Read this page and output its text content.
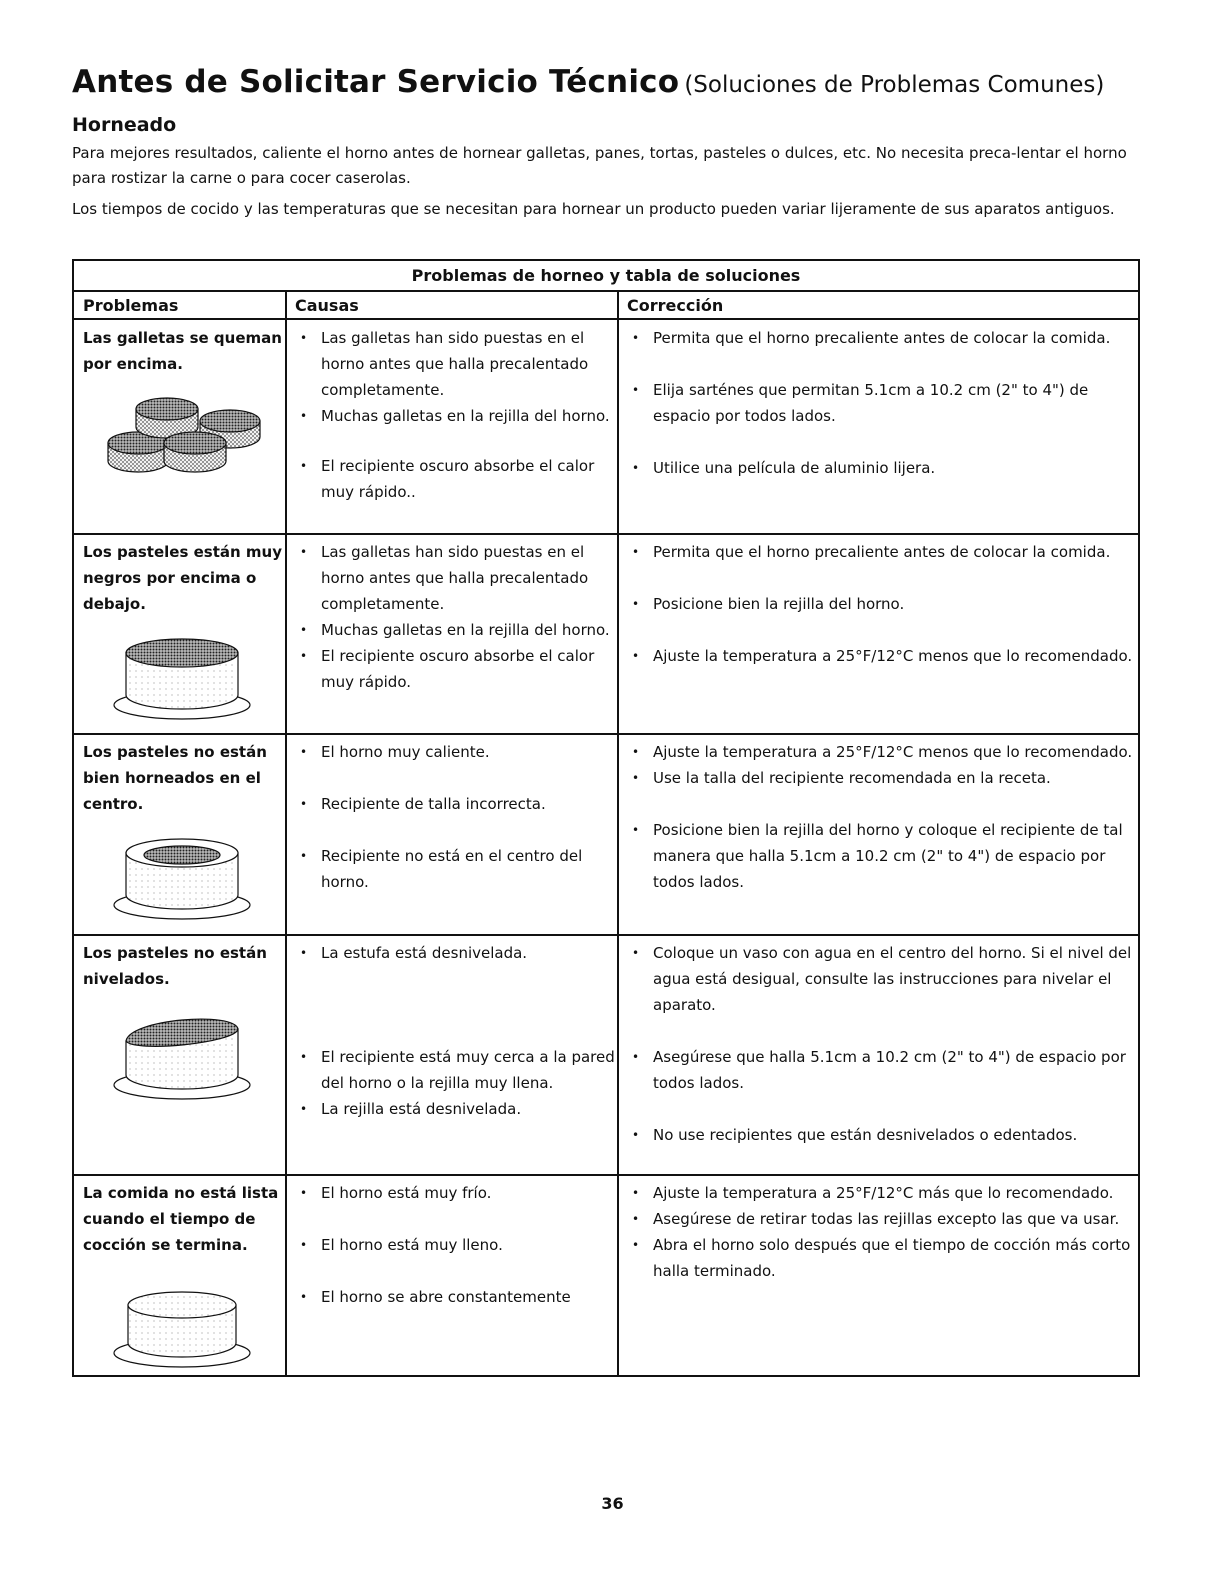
Antes de Solicitar Servicio Técnico (Soluciones de Problemas Comunes)
Horneado
Para mejores resultados, caliente el horno antes de hornear galletas, panes, tortas, pasteles o dulces, etc. No necesita preca-lentar el horno para rostizar la carne o para cocer caserolas.
Los tiempos de cocido y las temperaturas que se necesitan para hornear un producto pueden variar lijeramente de sus aparatos antiguos.
Problemas de horneo y tabla de soluciones
Problemas	Causas	Corrección
Las galletas se queman por encima.
• Las galletas han sido puestas en el horno antes que halla precalentado completamente.
• Muchas galletas en la rejilla del horno.
• El recipiente oscuro absorbe el calor muy rápido..
• Permita que el horno precaliente antes de colocar la comida.
• Elija sarténes que permitan 5.1cm a 10.2 cm (2" to 4") de espacio por todos lados.
• Utilice una película de aluminio lijera.
Los pasteles están muy negros por encima o debajo.
• Las galletas han sido puestas en el horno antes que halla precalentado completamente.
• Muchas galletas en la rejilla del horno.
• El recipiente oscuro absorbe el calor muy rápido.
• Permita que el horno precaliente antes de colocar la comida.
• Posicione bien la rejilla del horno.
• Ajuste la temperatura a 25°F/12°C menos que lo recomendado.
Los pasteles no están bien horneados en el centro.
• El horno muy caliente.
• Recipiente de talla incorrecta.
• Recipiente no está en el centro del horno.
• Ajuste la temperatura a 25°F/12°C menos que lo recomendado.
• Use la talla del recipiente recomendada en la receta.
• Posicione bien la rejilla del horno y coloque el recipiente de tal manera que halla 5.1cm a 10.2 cm (2" to 4") de espacio por todos lados.
Los pasteles no están nivelados.
• La estufa está desnivelada.
• El recipiente está muy cerca a la pared del horno o la rejilla muy llena.
• La rejilla está desnivelada.
• Coloque un vaso con agua en el centro del horno. Si el nivel del agua está desigual, consulte las instrucciones para nivelar el aparato.
• Asegúrese que halla 5.1cm a 10.2 cm (2" to 4") de espacio por todos lados.
• No use recipientes que están desnivelados o edentados.
La comida no está lista cuando el tiempo de cocción se termina.
• El horno está muy frío.
• El horno está muy lleno.
• El horno se abre constantemente
• Ajuste la temperatura a 25°F/12°C más que lo recomendado.
• Asegúrese de retirar todas las rejillas excepto las que va usar.
• Abra el horno solo después que el tiempo de cocción más corto halla terminado.
36
